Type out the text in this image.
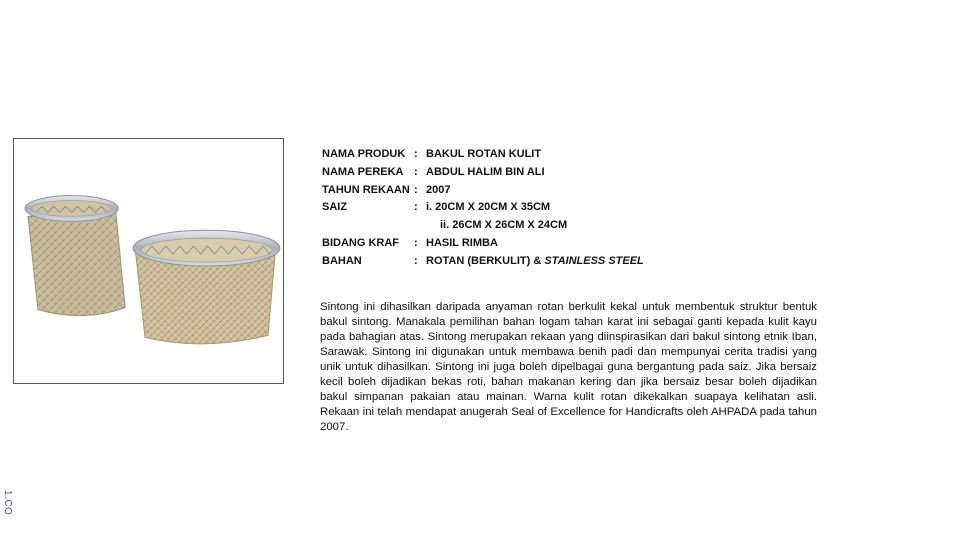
NAMA PRODUK	:	BAKUL ROTAN KULIT
NAMA PEREKA	:	ABDUL HALIM BIN ALI
TAHUN REKAAN	:	2007
SAIZ	:	i. 20CM X 20CM X 35CM
		ii. 26CM X 26CM X 24CM
BIDANG KRAF	:	HASIL RIMBA
BAHAN	:	ROTAN (BERKULIT) & STAINLESS STEEL

Sintong ini dihasilkan daripada anyaman rotan berkulit kekal untuk membentuk struktur bentuk bakul sintong. Manakala pemilihan bahan logam tahan karat ini sebagai ganti kepada kulit kayu pada bahagian atas. Sintong merupakan rekaan yang diinspirasikan dari bakul sintong etnik Iban, Sarawak. Sintong ini digunakan untuk membawa benih padi dan mempunyai cerita tradisi yang unik untuk dihasilkan. Sintong ini juga boleh dipelbagai guna bergantung pada saiz. Jika bersaiz kecil boleh dijadikan bekas roti, bahan makanan kering dan jika bersaiz besar boleh dijadikan bakul simpanan pakaian atau mainan. Warna kulit rotan dikekalkan suapaya kelihatan asli. Rekaan ini telah mendapat anugerah Seal of Excellence for Handicrafts oleh AHPADA pada tahun 2007.

1.CO
